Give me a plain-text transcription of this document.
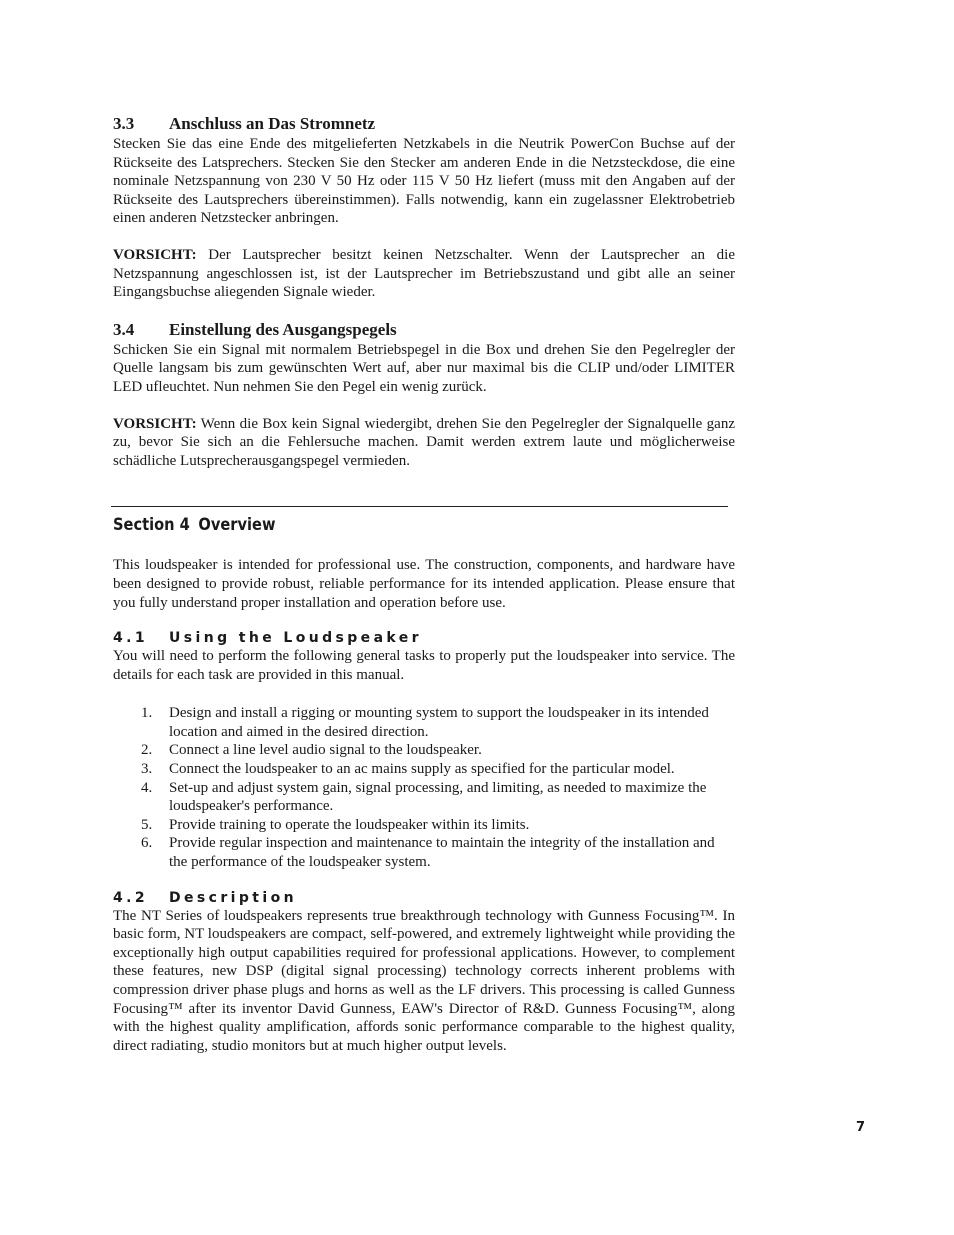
3.3 Anschluss an Das Stromnetz

Stecken Sie das eine Ende des mitgelieferten Netzkabels in die Neutrik PowerCon Buchse auf der Rückseite des Latsprechers. Stecken Sie den Stecker am anderen Ende in die Netzsteckdose, die eine nominale Netzspannung von 230 V 50 Hz oder 115 V 50 Hz liefert (muss mit den Angaben auf der Rückseite des Lautsprechers übereinstimmen). Falls notwendig, kann ein zugelassner Elektrobetrieb einen anderen Netzstecker anbringen.

VORSICHT: Der Lautsprecher besitzt keinen Netzschalter. Wenn der Lautsprecher an die Netzspannung angeschlossen ist, ist der Lautsprecher im Betriebszustand und gibt alle an seiner Eingangsbuchse aliegenden Signale wieder.

3.4 Einstellung des Ausgangspegels

Schicken Sie ein Signal mit normalem Betriebspegel in die Box und drehen Sie den Pegelregler der Quelle langsam bis zum gewünschten Wert auf, aber nur maximal bis die CLIP und/oder LIMITER LED ufleuchtet. Nun nehmen Sie den Pegel ein wenig zurück.

VORSICHT: Wenn die Box kein Signal wiedergibt, drehen Sie den Pegelregler der Signalquelle ganz zu, bevor Sie sich an die Fehlersuche machen. Damit werden extrem laute und möglicherweise schädliche Lutsprecherausgangspegel vermieden.

Section 4 Overview

This loudspeaker is intended for professional use. The construction, components, and hardware have been designed to provide robust, reliable performance for its intended application. Please ensure that you fully understand proper installation and operation before use.

4.1 Using the Loudspeaker

You will need to perform the following general tasks to properly put the loudspeaker into service. The details for each task are provided in this manual.

1. Design and install a rigging or mounting system to support the loudspeaker in its intended location and aimed in the desired direction.
2. Connect a line level audio signal to the loudspeaker.
3. Connect the loudspeaker to an ac mains supply as specified for the particular model.
4. Set-up and adjust system gain, signal processing, and limiting, as needed to maximize the loudspeaker's performance.
5. Provide training to operate the loudspeaker within its limits.
6. Provide regular inspection and maintenance to maintain the integrity of the installation and the performance of the loudspeaker system.
4.2 Description

The NT Series of loudspeakers represents true breakthrough technology with Gunness Focusing™. In basic form, NT loudspeakers are compact, self-powered, and extremely lightweight while providing the exceptionally high output capabilities required for professional applications. However, to complement these features, new DSP (digital signal processing) technology corrects inherent problems with compression driver phase plugs and horns as well as the LF drivers. This processing is called Gunness Focusing™ after its inventor David Gunness, EAW's Director of R&D. Gunness Focusing™, along with the highest quality amplification, affords sonic performance comparable to the highest quality, direct radiating, studio monitors but at much higher output levels.

7
